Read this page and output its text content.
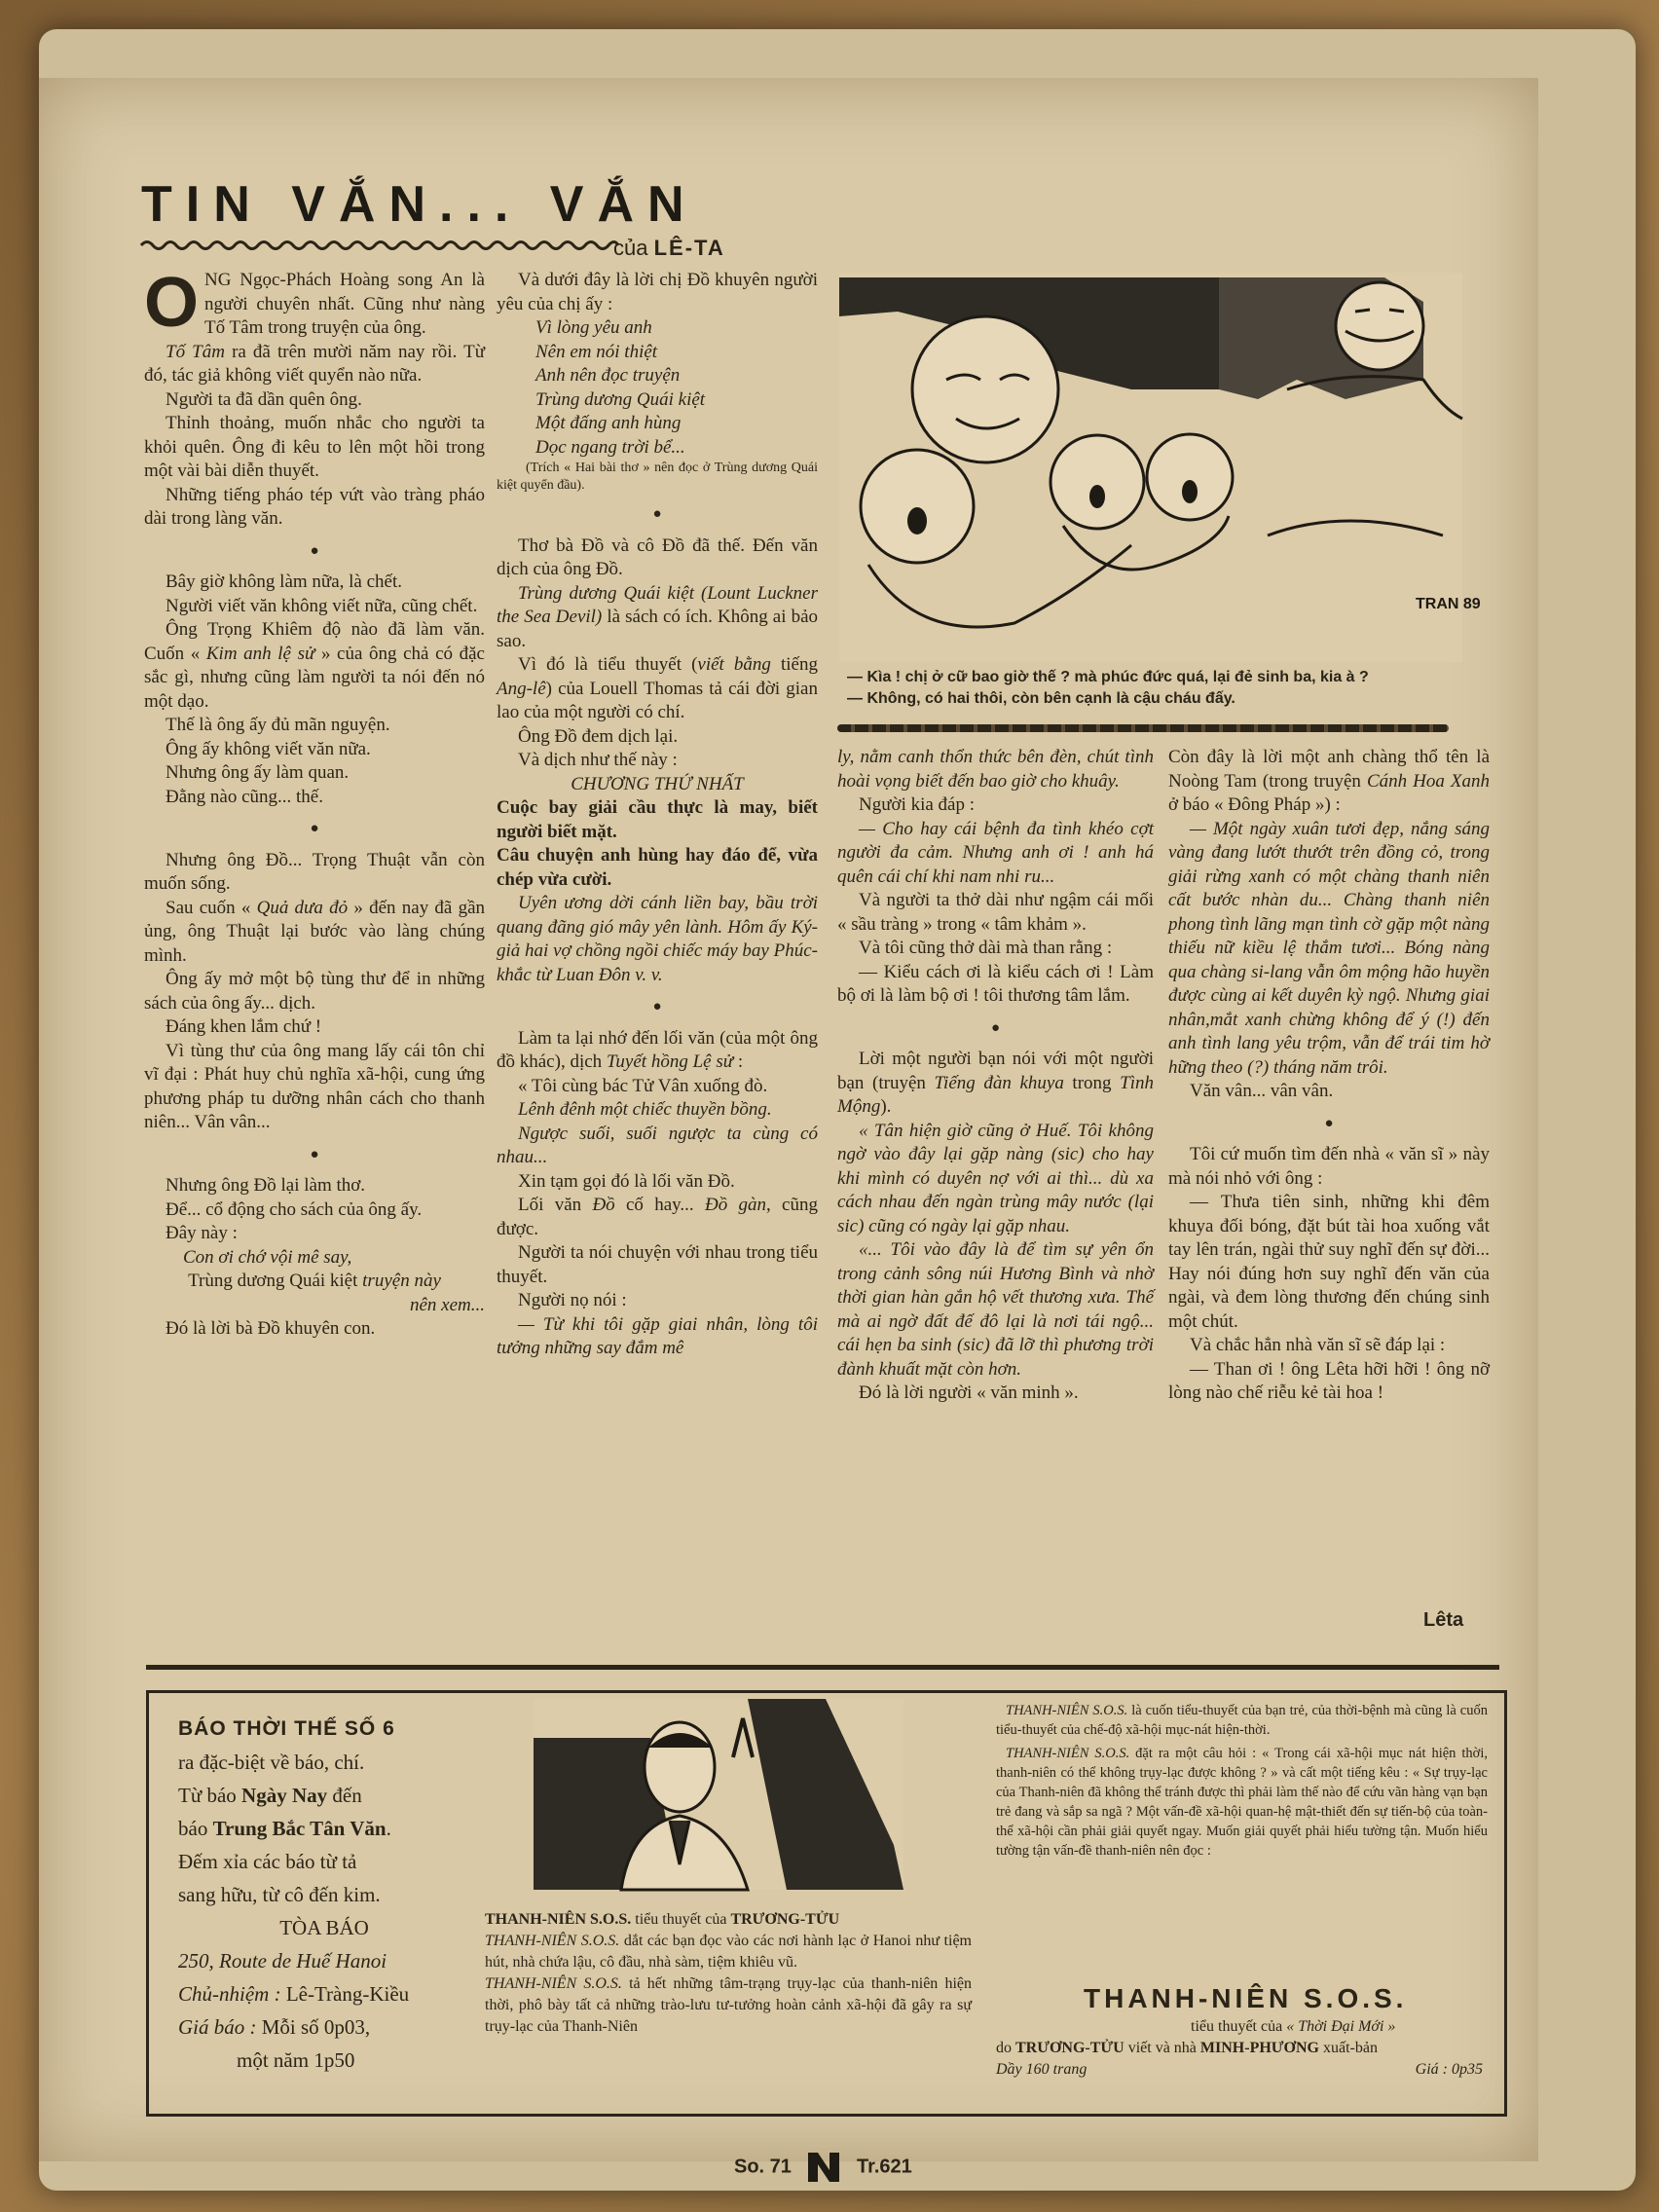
TIN VẮN... VẮN
của LÊ-TA

ONG Ngọc-Phách Hoàng song An là người chuyên nhất. Cũng như nàng Tố Tâm trong truyện của ông.

Tố Tâm ra đã trên mười năm nay rồi. Từ đó, tác giả không viết quyển nào nữa.

Người ta đã dần quên ông.

Thỉnh thoảng, muốn nhắc cho người ta khỏi quên. Ông đi kêu to lên một hồi trong một vài bài diễn thuyết.

Những tiếng pháo tép vứt vào tràng pháo dài trong làng văn.

●

Bây giờ không làm nữa, là chết.

Người viết văn không viết nữa, cũng chết.

Ông Trọng Khiêm độ nào đã làm văn. Cuốn « Kim anh lệ sử » của ông chả có đặc sắc gì, nhưng cũng làm người ta nói đến nó một dạo.

Thế là ông ấy đủ mãn nguyện.

Ông ấy không viết văn nữa.

Nhưng ông ấy làm quan.

Đằng nào cũng... thế.

●

Nhưng ông Đồ... Trọng Thuật vẫn còn muốn sống.

Sau cuốn « Quả dưa đỏ » đến nay đã gần ủng, ông Thuật lại bước vào làng chúng mình.

Ông ấy mở một bộ tùng thư để in những sách của ông ấy... dịch.

Đáng khen lắm chứ !

Vì tùng thư của ông mang lấy cái tôn chỉ vĩ đại : Phát huy chủ nghĩa xã-hội, cung ứng phương pháp tu dưỡng nhân cách cho thanh niên... Vân vân...

●

Nhưng ông Đồ lại làm thơ.

Để... cổ động cho sách của ông ấy.

Đây này :

Con ơi chớ vội mê say,

Trùng dương Quái kiệt truyện này

nên xem...

Đó là lời bà Đồ khuyên con.

Và dưới đây là lời chị Đồ khuyên người yêu của chị ấy :

Vì lòng yêu anh

Nên em nói thiệt

Anh nên đọc truyện

Trùng dương Quái kiệt

Một đấng anh hùng

Dọc ngang trời bể...

(Trích « Hai bài thơ » nên đọc ở Trùng dương Quái kiệt quyển đầu).

●

Thơ bà Đồ và cô Đồ đã thế. Đến văn dịch của ông Đồ.

Trùng dương Quái kiệt (Lount Luckner the Sea Devil) là sách có ích. Không ai bảo sao.

Vì đó là tiểu thuyết (viết bằng tiếng Ang-lê) của Louell Thomas tả cái đời gian lao của một người có chí.

Ông Đồ đem dịch lại.

Và dịch như thế này :

CHƯƠNG THỨ NHẤT

Cuộc bay giải cầu thực là may, biết người biết mặt.

Câu chuyện anh hùng hay đáo để, vừa chép vừa cười.

Uyên ương dời cánh liền bay, bầu trời quang đãng gió mây yên lành. Hôm ấy Ký-giả hai vợ chồng ngồi chiếc máy bay Phúc-khắc từ Luan Đôn v. v.

●

Làm ta lại nhớ đến lối văn (của một ông đồ khác), dịch Tuyết hồng Lệ sử :

« Tôi cùng bác Tử Vân xuống đò.

Lênh đênh một chiếc thuyền bồng.

Ngược suối, suối ngược ta cùng có nhau...

Xin tạm gọi đó là lối văn Đồ.

Lối văn Đồ cố hay... Đồ gàn, cũng được.

Người ta nói chuyện với nhau trong tiểu thuyết.

Người nọ nói :

— Từ khi tôi gặp giai nhân, lòng tôi tưởng những say đắm mê

TRAN 89
— Kìa ! chị ở cữ bao giờ thế ? mà phúc đức quá, lại đẻ sinh ba, kia à ?
— Không, có hai thôi, còn bên cạnh là cậu cháu đấy.

ly, nằm canh thổn thức bên đèn, chút tình hoài vọng biết đến bao giờ cho khuây.

Người kia đáp :

— Cho hay cái bệnh đa tình khéo cợt người đa cảm. Nhưng anh ơi ! anh há quên cái chí khi nam nhi ru...

Và người ta thở dài như ngậm cái mối « sầu tràng » trong « tâm khảm ».

Và tôi cũng thở dài mà than rằng :

— Kiểu cách ơi là kiểu cách ơi ! Làm bộ ơi là làm bộ ơi ! tôi thương tâm lắm.

●

Lời một người bạn nói với một người bạn (truyện Tiếng đàn khuya trong Tình Mộng).

« Tân hiện giờ cũng ở Huế. Tôi không ngờ vào đây lại gặp nàng (sic) cho hay khi mình có duyên nợ với ai thì... dù xa cách nhau đến ngàn trùng mây nước (lại sic) cũng có ngày lại gặp nhau.

«... Tôi vào đây là để tìm sự yên ổn trong cảnh sông núi Hương Bình và nhờ thời gian hàn gắn hộ vết thương xưa. Thế mà ai ngờ đất đế đô lại là nơi tái ngộ... cái hẹn ba sinh (sic) đã lỡ thì phương trời đành khuất mặt còn hơn.

Đó là lời người « văn minh ».

Còn đây là lời một anh chàng thổ tên là Noòng Tam (trong truyện Cánh Hoa Xanh ở báo « Đông Pháp ») :

— Một ngày xuân tươi đẹp, nắng sáng vàng đang lướt thướt trên đồng cỏ, trong giải rừng xanh có một chàng thanh niên cất bước nhàn du... Chàng thanh niên phong tình lãng mạn tình cờ gặp một nàng thiếu nữ kiều lệ thắm tươi... Bóng nàng qua chàng si-lang vẫn ôm mộng hão huyền được cùng ai kết duyên kỳ ngộ. Nhưng giai nhân,mắt xanh chừng không để ý (!) đến anh tình lang yêu trộm, vẫn để trái tim hờ hững theo (?) tháng năm trôi.

Văn vân... vân vân.

●

Tôi cứ muốn tìm đến nhà « văn sĩ » này mà nói nhỏ với ông :

— Thưa tiên sinh, những khi đêm khuya đối bóng, đặt bút tài hoa xuống vắt tay lên trán, ngài thử suy nghĩ đến sự đời... Hay nói đúng hơn suy nghĩ đến văn của ngài, và đem lòng thương đến chúng sinh một chút.

Và chắc hẳn nhà văn sĩ sẽ đáp lại :

— Than ơi ! ông Lêta hỡi hỡi ! ông nỡ lòng nào chế riễu kẻ tài hoa !

Lêta
BÁO THỜI THẾ SỐ 6
ra đặc-biệt về báo, chí.
Từ báo Ngày Nay đến
báo Trung Bắc Tân Văn.
Đếm xỉa các báo từ tả
sang hữu, từ cô đến kim.
TÒA BÁO
250, Route de Huế Hanoi
Chủ-nhiệm : Lê-Tràng-Kiều
Giá báo : Mỗi số 0p03,
một năm 1p50
THANH-NIÊN S.O.S. tiểu thuyết của TRƯƠNG-TỬU
THANH-NIÊN S.O.S. dắt các bạn đọc vào các nơi hành lạc ở Hanoi như tiệm hút, nhà chứa lậu, cô đầu, nhà sàm, tiệm khiêu vũ.
THANH-NIÊN S.O.S. tả hết những tâm-trạng trụy-lạc của thanh-niên hiện thời, phô bày tất cả những trào-lưu tư-tưởng hoàn cảnh xã-hội đã gây ra sự trụy-lạc của Thanh-Niên
THANH-NIÊN S.O.S. là cuốn tiểu-thuyết của bạn trẻ, của thời-bệnh mà cũng là cuốn tiểu-thuyết của chế-độ xã-hội mục-nát hiện-thời.
THANH-NIÊN S.O.S. đặt ra một câu hỏi : « Trong cái xã-hội mục nát hiện thời, thanh-niên có thể không trụy-lạc được không ? » và cất một tiếng kêu : « Sự trụy-lạc của Thanh-niên đã không thể tránh được thì phải làm thế nào để cứu vãn hàng vạn bạn trẻ đang và sắp sa ngã ? Một vấn-đề xã-hội quan-hệ mật-thiết đến sự tiến-bộ của toàn-thể xã-hội cần phải giải quyết ngay. Muốn giải quyết phải hiểu tường tận. Muốn hiểu tường tận vấn-đề thanh-niên nên đọc :
THANH-NIÊN S.O.S.
tiểu thuyết của « Thời Đại Mới »
do TRƯƠNG-TỬU viết và nhà MINH-PHƯƠNG xuất-bản
Dầy 160 trang	Giá : 0p35
So. 71	Tr.621
